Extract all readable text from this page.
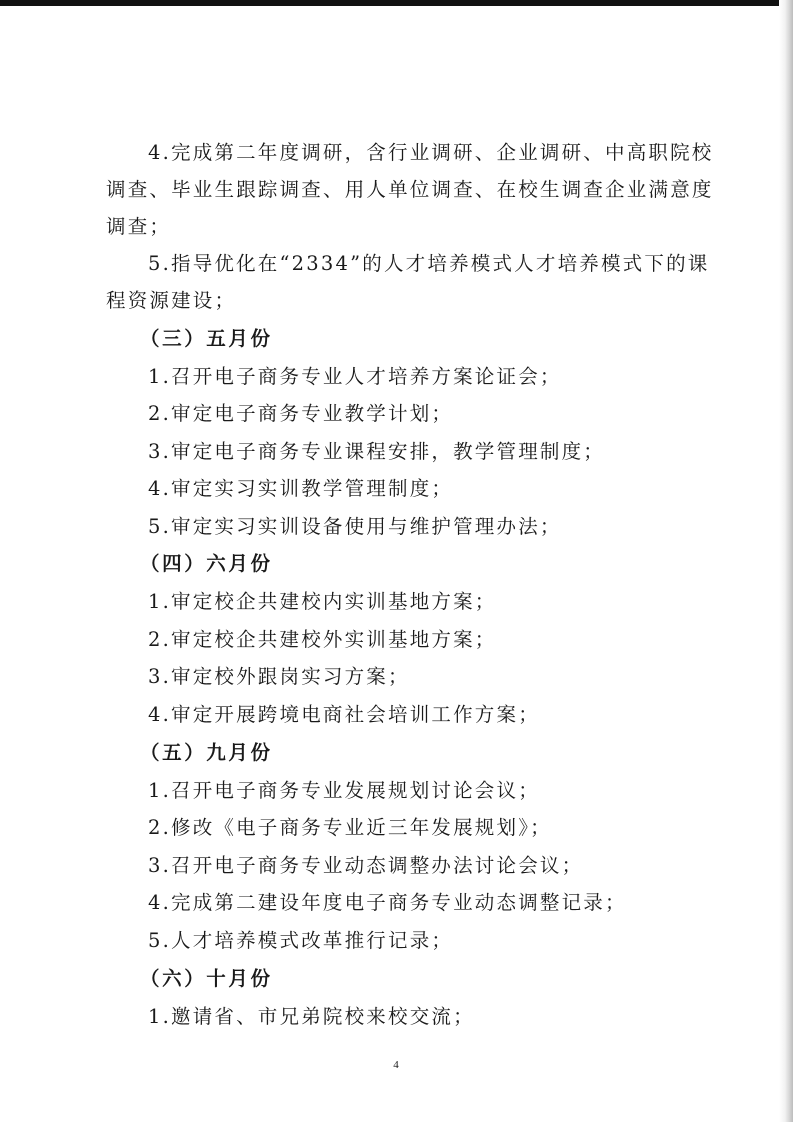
4.完成第二年度调研，含行业调研、企业调研、中高职院校
调查、毕业生跟踪调查、用人单位调查、在校生调查企业满意度
调查；
5.指导优化在“2334”的人才培养模式人才培养模式下的课
程资源建设；
（三）五月份
1.召开电子商务专业人才培养方案论证会；
2.审定电子商务专业教学计划；
3.审定电子商务专业课程安排，教学管理制度；
4.审定实习实训教学管理制度；
5.审定实习实训设备使用与维护管理办法；
（四）六月份
1.审定校企共建校内实训基地方案；
2.审定校企共建校外实训基地方案；
3.审定校外跟岗实习方案；
4.审定开展跨境电商社会培训工作方案；
（五）九月份
1.召开电子商务专业发展规划讨论会议；
2.修改《电子商务专业近三年发展规划》；
3.召开电子商务专业动态调整办法讨论会议；
4.完成第二建设年度电子商务专业动态调整记录；
5.人才培养模式改革推行记录；
（六）十月份
1.邀请省、市兄弟院校来校交流；
4
